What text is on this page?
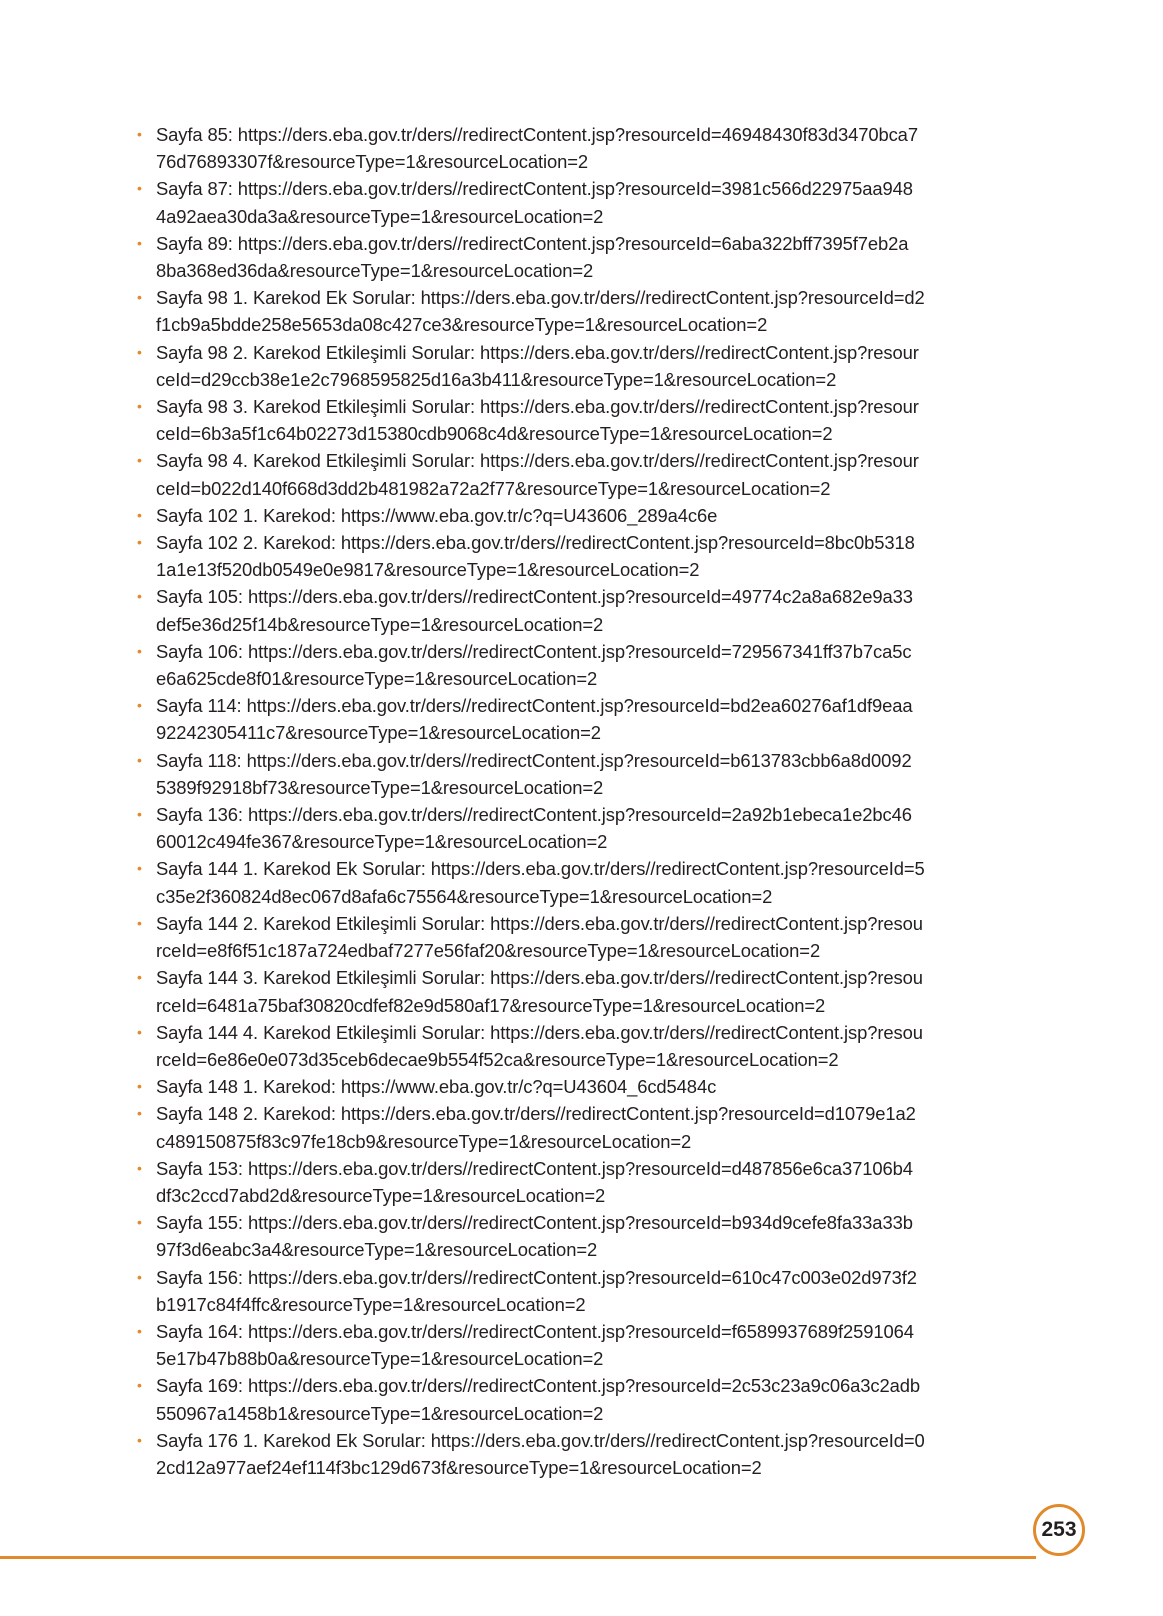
• Sayfa 85: https://ders.eba.gov.tr/ders//redirectContent.jsp?resourceId=46948430f83d3470bca7
76d76893307f&resourceType=1&resourceLocation=2
• Sayfa 87: https://ders.eba.gov.tr/ders//redirectContent.jsp?resourceId=3981c566d22975aa948
4a92aea30da3a&resourceType=1&resourceLocation=2
• Sayfa 89: https://ders.eba.gov.tr/ders//redirectContent.jsp?resourceId=6aba322bff7395f7eb2a
8ba368ed36da&resourceType=1&resourceLocation=2
• Sayfa 98 1. Karekod Ek Sorular: https://ders.eba.gov.tr/ders//redirectContent.jsp?resourceId=d2
f1cb9a5bdde258e5653da08c427ce3&resourceType=1&resourceLocation=2
• Sayfa 98 2. Karekod Etkileşimli Sorular: https://ders.eba.gov.tr/ders//redirectContent.jsp?resour
ceId=d29ccb38e1e2c7968595825d16a3b411&resourceType=1&resourceLocation=2
• Sayfa 98 3. Karekod Etkileşimli Sorular: https://ders.eba.gov.tr/ders//redirectContent.jsp?resour
ceId=6b3a5f1c64b02273d15380cdb9068c4d&resourceType=1&resourceLocation=2
• Sayfa 98 4. Karekod Etkileşimli Sorular: https://ders.eba.gov.tr/ders//redirectContent.jsp?resour
ceId=b022d140f668d3dd2b481982a72a2f77&resourceType=1&resourceLocation=2
• Sayfa 102 1. Karekod: https://www.eba.gov.tr/c?q=U43606_289a4c6e
• Sayfa 102 2. Karekod: https://ders.eba.gov.tr/ders//redirectContent.jsp?resourceId=8bc0b5318
1a1e13f520db0549e0e9817&resourceType=1&resourceLocation=2
• Sayfa 105: https://ders.eba.gov.tr/ders//redirectContent.jsp?resourceId=49774c2a8a682e9a33
def5e36d25f14b&resourceType=1&resourceLocation=2
• Sayfa 106: https://ders.eba.gov.tr/ders//redirectContent.jsp?resourceId=729567341ff37b7ca5c
e6a625cde8f01&resourceType=1&resourceLocation=2
• Sayfa 114: https://ders.eba.gov.tr/ders//redirectContent.jsp?resourceId=bd2ea60276af1df9eaa
92242305411c7&resourceType=1&resourceLocation=2
• Sayfa 118: https://ders.eba.gov.tr/ders//redirectContent.jsp?resourceId=b613783cbb6a8d0092
5389f92918bf73&resourceType=1&resourceLocation=2
• Sayfa 136: https://ders.eba.gov.tr/ders//redirectContent.jsp?resourceId=2a92b1ebeca1e2bc46
60012c494fe367&resourceType=1&resourceLocation=2
• Sayfa 144 1. Karekod Ek Sorular: https://ders.eba.gov.tr/ders//redirectContent.jsp?resourceId=5
c35e2f360824d8ec067d8afa6c75564&resourceType=1&resourceLocation=2
• Sayfa 144 2. Karekod Etkileşimli Sorular: https://ders.eba.gov.tr/ders//redirectContent.jsp?resou
rceId=e8f6f51c187a724edbaf7277e56faf20&resourceType=1&resourceLocation=2
• Sayfa 144 3. Karekod Etkileşimli Sorular: https://ders.eba.gov.tr/ders//redirectContent.jsp?resou
rceId=6481a75baf30820cdfef82e9d580af17&resourceType=1&resourceLocation=2
• Sayfa 144 4. Karekod Etkileşimli Sorular: https://ders.eba.gov.tr/ders//redirectContent.jsp?resou
rceId=6e86e0e073d35ceb6decae9b554f52ca&resourceType=1&resourceLocation=2
• Sayfa 148 1. Karekod: https://www.eba.gov.tr/c?q=U43604_6cd5484c
• Sayfa 148 2. Karekod: https://ders.eba.gov.tr/ders//redirectContent.jsp?resourceId=d1079e1a2
c489150875f83c97fe18cb9&resourceType=1&resourceLocation=2
• Sayfa 153: https://ders.eba.gov.tr/ders//redirectContent.jsp?resourceId=d487856e6ca37106b4
df3c2ccd7abd2d&resourceType=1&resourceLocation=2
• Sayfa 155: https://ders.eba.gov.tr/ders//redirectContent.jsp?resourceId=b934d9cefe8fa33a33b
97f3d6eabc3a4&resourceType=1&resourceLocation=2
• Sayfa 156: https://ders.eba.gov.tr/ders//redirectContent.jsp?resourceId=610c47c003e02d973f2
b1917c84f4ffc&resourceType=1&resourceLocation=2
• Sayfa 164: https://ders.eba.gov.tr/ders//redirectContent.jsp?resourceId=f6589937689f2591064
5e17b47b88b0a&resourceType=1&resourceLocation=2
• Sayfa 169: https://ders.eba.gov.tr/ders//redirectContent.jsp?resourceId=2c53c23a9c06a3c2adb
550967a1458b1&resourceType=1&resourceLocation=2
• Sayfa 176 1. Karekod Ek Sorular: https://ders.eba.gov.tr/ders//redirectContent.jsp?resourceId=0
2cd12a977aef24ef114f3bc129d673f&resourceType=1&resourceLocation=2
253
